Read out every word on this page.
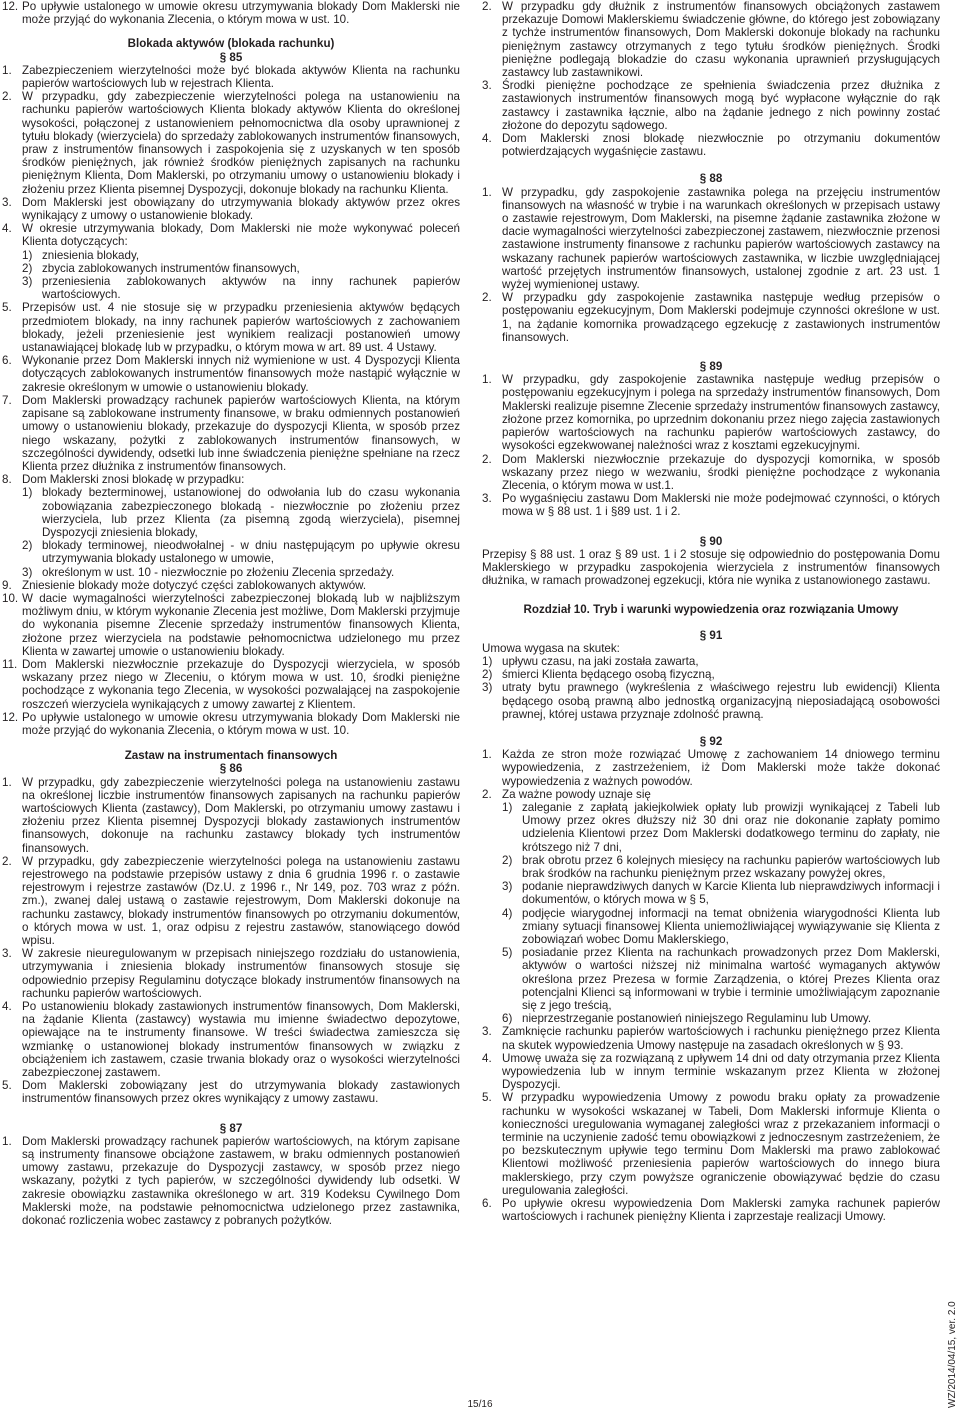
12. Po upływie ustalonego w umowie okresu utrzymywania blokady Dom Maklerski nie może przyjąć do wykonania Zlecenia, o którym mowa w ust. 10.
Blokada aktywów (blokada rachunku)
§ 85
1. Zabezpieczeniem wierzytelności może być blokada aktywów Klienta na rachunku papierów wartościowych lub w rejestrach Klienta.
2. W przypadku, gdy zabezpieczenie wierzytelności polega na ustanowieniu na rachunku papierów wartościowych Klienta blokady aktywów Klienta do określonej wysokości, połączonej z ustanowieniem pełnomocnictwa dla osoby uprawnionej z tytułu blokady (wierzyciela) do sprzedaży zablokowanych instrumentów finansowych, praw z instrumentów finansowych i zaspokojenia się z uzyskanych w ten sposób środków pieniężnych, jak również środków pieniężnych zapisanych na rachunku pieniężnym Klienta, Dom Maklerski, po otrzymaniu umowy o ustanowieniu blokady i złożeniu przez Klienta pisemnej Dyspozycji, dokonuje blokady na rachunku Klienta.
3. Dom Maklerski jest obowiązany do utrzymywania blokady aktywów przez okres wynikający z umowy o ustanowienie blokady.
4. W okresie utrzymywania blokady, Dom Maklerski nie może wykonywać poleceń Klienta dotyczących:
1) zniesienia blokady,
2) zbycia zablokowanych instrumentów finansowych,
3) przeniesienia zablokowanych aktywów na inny rachunek papierów wartościowych.
5. Przepisów ust. 4 nie stosuje się w przypadku przeniesienia aktywów będących przedmiotem blokady, na inny rachunek papierów wartościowych z zachowaniem blokady, jeżeli przeniesienie jest wynikiem realizacji postanowień umowy ustanawiającej blokadę lub w przypadku, o którym mowa w art. 89 ust. 4 Ustawy.
6. Wykonanie przez Dom Maklerski innych niż wymienione w ust. 4 Dyspozycji Klienta dotyczących zablokowanych instrumentów finansowych może nastąpić wyłącznie w zakresie określonym w umowie o ustanowieniu blokady.
7. Dom Maklerski prowadzący rachunek papierów wartościowych Klienta, na którym zapisane są zablokowane instrumenty finansowe, w braku odmiennych postanowień umowy o ustanowieniu blokady, przekazuje do dyspozycji Klienta, w sposób przez niego wskazany, pożytki z zablokowanych instrumentów finansowych, w szczególności dywidendy, odsetki lub inne świadczenia pieniężne spełniane na rzecz Klienta przez dłużnika z instrumentów finansowych.
8. Dom Maklerski znosi blokadę w przypadku:
1) blokady bezterminowej, ustanowionej do odwołania lub do czasu wykonania zobowiązania zabezpieczonego blokadą - niezwłocznie po złożeniu przez wierzyciela, lub przez Klienta (za pisemną zgodą wierzyciela), pisemnej Dyspozycji zniesienia blokady,
2) blokady terminowej, nieodwołalnej - w dniu następującym po upływie okresu utrzymywania blokady ustalonego w umowie,
3) określonym w ust. 10 - niezwłocznie po złożeniu Zlecenia sprzedaży.
9. Zniesienie blokady może dotyczyć części zablokowanych aktywów.
10. W dacie wymagalności wierzytelności zabezpieczonej blokadą lub w najbliższym możliwym dniu, w którym wykonanie Zlecenia jest możliwe, Dom Maklerski przyjmuje do wykonania pisemne Zlecenie sprzedaży instrumentów finansowych Klienta, złożone przez wierzyciela na podstawie pełnomocnictwa udzielonego mu przez Klienta w zawartej umowie o ustanowieniu blokady.
11. Dom Maklerski niezwłocznie przekazuje do Dyspozycji wierzyciela, w sposób wskazany przez niego w Zleceniu, o którym mowa w ust. 10, środki pieniężne pochodzące z wykonania tego Zlecenia, w wysokości pozwalającej na zaspokojenie roszczeń wierzyciela wynikających z umowy zawartej z Klientem.
12. Po upływie ustalonego w umowie okresu utrzymywania blokady Dom Maklerski nie może przyjąć do wykonania Zlecenia, o którym mowa w ust. 10.
Zastaw na instrumentach finansowych
§ 86
1. W przypadku, gdy zabezpieczenie wierzytelności polega na ustanowieniu zastawu na określonej liczbie instrumentów finansowych zapisanych na rachunku papierów wartościowych Klienta (zastawcy), Dom Maklerski, po otrzymaniu umowy zastawu i złożeniu przez Klienta pisemnej Dyspozycji blokady zastawionych instrumentów finansowych, dokonuje na rachunku zastawcy blokady tych instrumentów finansowych.
2. W przypadku, gdy zabezpieczenie wierzytelności polega na ustanowieniu zastawu rejestrowego na podstawie przepisów ustawy z dnia 6 grudnia 1996 r. o zastawie rejestrowym i rejestrze zastawów (Dz.U. z 1996 r., Nr 149, poz. 703 wraz z późn. zm.), zwanej dalej ustawą o zastawie rejestrowym, Dom Maklerski dokonuje na rachunku zastawcy, blokady instrumentów finansowych po otrzymaniu dokumentów, o których mowa w ust. 1, oraz odpisu z rejestru zastawów, stanowiącego dowód wpisu.
3. W zakresie nieuregulowanym w przepisach niniejszego rozdziału do ustanowienia, utrzymywania i zniesienia blokady instrumentów finansowych stosuje się odpowiednio przepisy Regulaminu dotyczące blokady instrumentów finansowych na rachunku papierów wartościowych.
4. Po ustanowieniu blokady zastawionych instrumentów finansowych, Dom Maklerski, na żądanie Klienta (zastawcy) wystawia mu imienne świadectwo depozytowe, opiewające na te instrumenty finansowe. W treści świadectwa zamieszcza się wzmiankę o ustanowionej blokady instrumentów finansowych w związku z obciążeniem ich zastawem, czasie trwania blokady oraz o wysokości wierzytelności zabezpieczonej zastawem.
5. Dom Maklerski zobowiązany jest do utrzymywania blokady zastawionych instrumentów finansowych przez okres wynikający z umowy zastawu.
§ 87
1. Dom Maklerski prowadzący rachunek papierów wartościowych, na którym zapisane są instrumenty finansowe obciążone zastawem, w braku odmiennych postanowień umowy zastawu, przekazuje do Dyspozycji zastawcy, w sposób przez niego wskazany, pożytki z tych papierów, w szczególności dywidendy lub odsetki. W zakresie obowiązku zastawnika określonego w art. 319 Kodeksu Cywilnego Dom Maklerski może, na podstawie pełnomocnictwa udzielonego przez zastawnika, dokonać rozliczenia wobec zastawcy z pobranych pożytków.
2. W przypadku gdy dłużnik z instrumentów finansowych obciążonych zastawem przekazuje Domowi Maklerskiemu świadczenie główne, do którego jest zobowiązany z tychże instrumentów finansowych, Dom Maklerski dokonuje blokady na rachunku pieniężnym zastawcy otrzymanych z tego tytułu środków pieniężnych. Środki pieniężne podlegają blokadzie do czasu wykonania uprawnień przysługujących zastawcy lub zastawnikowi.
3. Środki pieniężne pochodzące ze spełnienia świadczenia przez dłużnika z zastawionych instrumentów finansowych mogą być wypłacone wyłącznie do rąk zastawcy i zastawnika łącznie, albo na żądanie jednego z nich powinny zostać złożone do depozytu sądowego.
4. Dom Maklerski znosi blokadę niezwłocznie po otrzymaniu dokumentów potwierdzających wygaśnięcie zastawu.
§ 88
1. W przypadku, gdy zaspokojenie zastawnika polega na przejęciu instrumentów finansowych na własność w trybie i na warunkach określonych w przepisach ustawy o zastawie rejestrowym, Dom Maklerski, na pisemne żądanie zastawnika złożone w dacie wymagalności wierzytelności zabezpieczonej zastawem, niezwłocznie przenosi zastawione instrumenty finansowe z rachunku papierów wartościowych zastawcy na wskazany rachunek papierów wartościowych zastawnika, w liczbie uwzględniającej wartość przejętych instrumentów finansowych, ustalonej zgodnie z art. 23 ust. 1 wyżej wymienionej ustawy.
2. W przypadku gdy zaspokojenie zastawnika następuje według przepisów o postępowaniu egzekucyjnym, Dom Maklerski podejmuje czynności określone w ust. 1, na żądanie komornika prowadzącego egzekucję z zastawionych instrumentów finansowych.
§ 89
1. W przypadku, gdy zaspokojenie zastawnika następuje według przepisów o postępowaniu egzekucyjnym i polega na sprzedaży instrumentów finansowych, Dom Maklerski realizuje pisemne Zlecenie sprzedaży instrumentów finansowych zastawcy, złożone przez komornika, po uprzednim dokonaniu przez niego zajęcia zastawionych papierów wartościowych na rachunku papierów wartościowych zastawcy, do wysokości egzekwowanej należności wraz z kosztami egzekucyjnymi.
2. Dom Maklerski niezwłocznie przekazuje do dyspozycji komornika, w sposób wskazany przez niego w wezwaniu, środki pieniężne pochodzące z wykonania Zlecenia, o którym mowa w ust.1.
3. Po wygaśnięciu zastawu Dom Maklerski nie może podejmować czynności, o których mowa w § 88 ust. 1 i §89 ust. 1 i 2.
§ 90

Przepisy § 88 ust. 1 oraz § 89 ust. 1 i 2 stosuje się odpowiednio do postępowania Domu Maklerskiego w przypadku zaspokojenia wierzyciela z instrumentów finansowych dłużnika, w ramach prowadzonej egzekucji, która nie wynika z ustanowionego zastawu.

Rozdział 10. Tryb i warunki wypowiedzenia oraz rozwiązania Umowy
§ 91

Umowa wygasa na skutek:

1) upływu czasu, na jaki została zawarta,
2) śmierci Klienta będącego osobą fizyczną,
3) utraty bytu prawnego (wykreślenia z właściwego rejestru lub ewidencji) Klienta będącego osobą prawną albo jednostką organizacyjną nieposiadającą osobowości prawnej, której ustawa przyznaje zdolność prawną.
§ 92
1. Każda ze stron może rozwiązać Umowę z zachowaniem 14 dniowego terminu wypowiedzenia, z zastrzeżeniem, iż Dom Maklerski może także dokonać wypowiedzenia z ważnych powodów.
2. Za ważne powody uznaje się
1) zaleganie z zapłatą jakiejkolwiek opłaty lub prowizji wynikającej z Tabeli lub Umowy przez okres dłuższy niż 30 dni oraz nie dokonanie zapłaty pomimo udzielenia Klientowi przez Dom Maklerski dodatkowego terminu do zapłaty, nie krótszego niż 7 dni,
2) brak obrotu przez 6 kolejnych miesięcy na rachunku papierów wartościowych lub brak środków na rachunku pieniężnym przez wskazany powyżej okres,
3) podanie nieprawdziwych danych w Karcie Klienta lub nieprawdziwych informacji i dokumentów, o których mowa w § 5,
4) podjęcie wiarygodnej informacji na temat obniżenia wiarygodności Klienta lub zmiany sytuacji finansowej Klienta uniemożliwiającej wywiązywanie się Klienta z zobowiązań wobec Domu Maklerskiego,
5) posiadanie przez Klienta na rachunkach prowadzonych przez Dom Maklerski, aktywów o wartości niższej niż minimalna wartość wymaganych aktywów określona przez Prezesa w formie Zarządzenia, o której Prezes Klienta oraz potencjalni Klienci są informowani w trybie i terminie umożliwiającym zapoznanie się z jego treścią,
6) nieprzestrzeganie postanowień niniejszego Regulaminu lub Umowy.
3. Zamknięcie rachunku papierów wartościowych i rachunku pieniężnego przez Klienta na skutek wypowiedzenia Umowy następuje na zasadach określonych w § 93.
4. Umowę uważa się za rozwiązaną z upływem 14 dni od daty otrzymania przez Klienta wypowiedzenia lub w innym terminie wskazanym przez Klienta w złożonej Dyspozycji.
5. W przypadku wypowiedzenia Umowy z powodu braku opłaty za prowadzenie rachunku w wysokości wskazanej w Tabeli, Dom Maklerski informuje Klienta o konieczności uregulowania wymaganej zaległości wraz z przekazaniem informacji o terminie na uczynienie zadość temu obowiązkowi z jednoczesnym zastrzeżeniem, że po bezskutecznym upływie tego terminu Dom Maklerski ma prawo zablokować Klientowi możliwość przeniesienia papierów wartościowych do innego biura maklerskiego, przy czym powyższe ograniczenie obowiązywać będzie do czasu uregulowania zaległości.
6. Po upływie okresu wypowiedzenia Dom Maklerski zamyka rachunek papierów wartościowych i rachunek pieniężny Klienta i zaprzestaje realizacji Umowy.
15/16	WZ/2014/04/15, ver. 2.0
